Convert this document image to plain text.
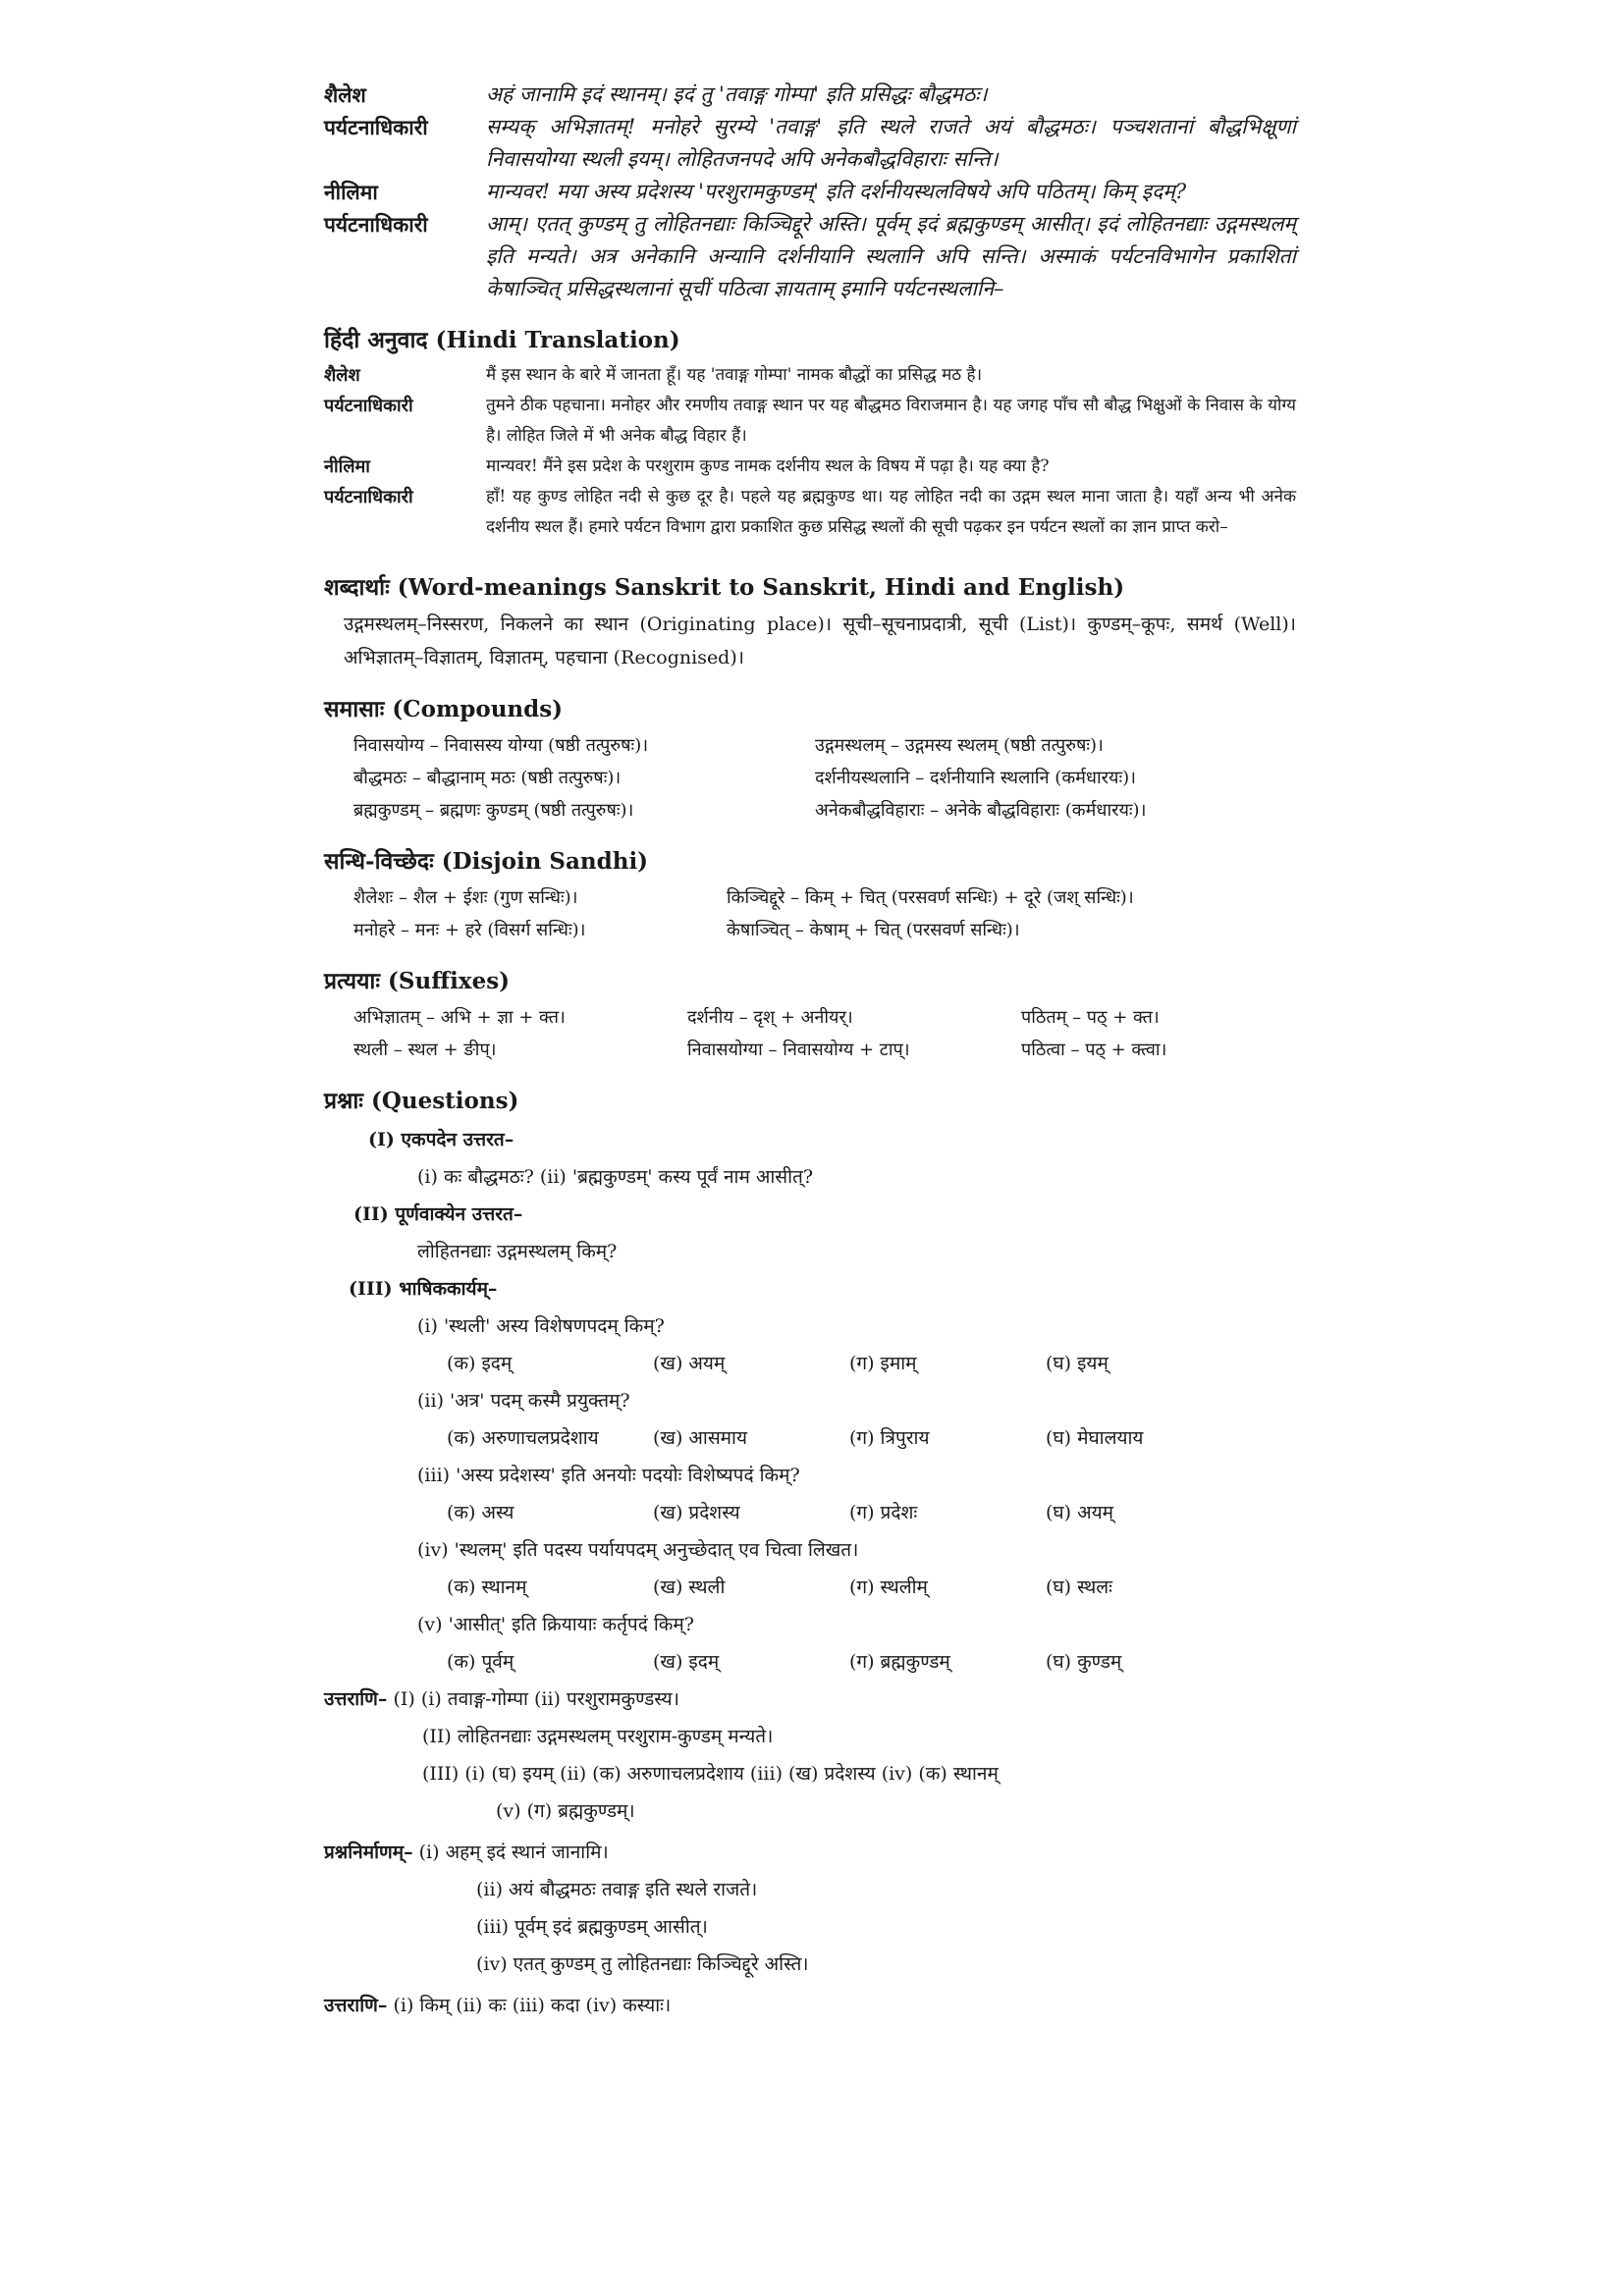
शैलेश	अहं जानामि इदं स्थानम्। इदं तु 'तवाङ्ग गोम्पा' इति प्रसिद्धः बौद्धमठः।
पर्यटनाधिकारी	सम्यक् अभिज्ञातम्! मनोहरे सुरम्ये 'तवाङ्ग' इति स्थले राजते अयं बौद्धमठः। पञ्चशतानां बौद्धभिक्षूणां निवासयोग्या स्थली इयम्। लोहितजनपदे अपि अनेकबौद्धविहाराः सन्ति।
नीलिमा	मान्यवर! मया अस्य प्रदेशस्य 'परशुरामकुण्डम्' इति दर्शनीयस्थलविषये अपि पठितम्। किम् इदम्?
पर्यटनाधिकारी	आम्। एतत् कुण्डम् तु लोहितनद्याः किञ्चिद्दूरे अस्ति। पूर्वम् इदं ब्रह्मकुण्डम् आसीत्। इदं लोहितनद्याः उद्गमस्थलम् इति मन्यते। अत्र अनेकानि अन्यानि दर्शनीयानि स्थलानि अपि सन्ति। अस्माकं पर्यटनविभागेन प्रकाशितां केषाञ्चित् प्रसिद्धस्थलानां सूचीं पठित्वा ज्ञायताम् इमानि पर्यटनस्थलानि–
हिंदी अनुवाद (Hindi Translation)
शैलेश	मैं इस स्थान के बारे में जानता हूँ। यह 'तवाङ्ग गोम्पा' नामक बौद्धों का प्रसिद्ध मठ है।
पर्यटनाधिकारी	तुमने ठीक पहचाना। मनोहर और रमणीय तवाङ्ग स्थान पर यह बौद्धमठ विराजमान है। यह जगह पाँच सौ बौद्ध भिक्षुओं के निवास के योग्य है। लोहित जिले में भी अनेक बौद्ध विहार हैं।
नीलिमा	मान्यवर! मैंने इस प्रदेश के परशुराम कुण्ड नामक दर्शनीय स्थल के विषय में पढ़ा है। यह क्या है?
पर्यटनाधिकारी	हाँ! यह कुण्ड लोहित नदी से कुछ दूर है। पहले यह ब्रह्मकुण्ड था। यह लोहित नदी का उद्गम स्थल माना जाता है। यहाँ अन्य भी अनेक दर्शनीय स्थल हैं। हमारे पर्यटन विभाग द्वारा प्रकाशित कुछ प्रसिद्ध स्थलों की सूची पढ़कर इन पर्यटन स्थलों का ज्ञान प्राप्त करो–
शब्दार्थाः (Word-meanings Sanskrit to Sanskrit, Hindi and English)
उद्गमस्थलम्–निस्सरण, निकलने का स्थान (Originating place)। सूची–सूचनाप्रदात्री, सूची (List)। कुण्डम्–कूपः, समर्थ (Well)। अभिज्ञातम्–विज्ञातम्, विज्ञातम्, पहचाना (Recognised)।
समासाः (Compounds)
निवासयोग्य – निवासस्य योग्या (षष्ठी तत्पुरुषः)।	उद्गमस्थलम् – उद्गमस्य स्थलम् (षष्ठी तत्पुरुषः)।
बौद्धमठः – बौद्धानाम् मठः (षष्ठी तत्पुरुषः)।	दर्शनीयस्थलानि – दर्शनीयानि स्थलानि (कर्मधारयः)।
ब्रह्मकुण्डम् – ब्रह्मणः कुण्डम् (षष्ठी तत्पुरुषः)।	अनेकबौद्धविहाराः – अनेके बौद्धविहाराः (कर्मधारयः)।
सन्धि-विच्छेदः (Disjoin Sandhi)
शैलेशः – शैल + ईशः (गुण सन्धिः)।	किञ्चिद्दूरे – किम् + चित् (परसवर्ण सन्धिः) + दूरे (जश् सन्धिः)।
मनोहरे – मनः + हरे (विसर्ग सन्धिः)।	केषाञ्चित् – केषाम् + चित् (परसवर्ण सन्धिः)।
प्रत्ययाः (Suffixes)
अभिज्ञातम् – अभि + ज्ञा + क्त।	दर्शनीय – दृश् + अनीयर्।	पठितम् – पठ् + क्त।
स्थली – स्थल + ङीप्।	निवासयोग्या – निवासयोग्य + टाप्।	पठित्वा – पठ् + क्त्वा।
प्रश्नाः (Questions)
(I) एकपदेन उत्तरत–
(i) कः बौद्धमठः? (ii) 'ब्रह्मकुण्डम्' कस्य पूर्वं नाम आसीत्?
(II) पूर्णवाक्येन उत्तरत–
लोहितनद्याः उद्गमस्थलम् किम्?
(III) भाषिककार्यम्–
(i) 'स्थली' अस्य विशेषणपदम् किम्?
(क) इदम्	(ख) अयम्	(ग) इमाम्	(घ) इयम्
(ii) 'अत्र' पदम् कस्मै प्रयुक्तम्?
(क) अरुणाचलप्रदेशाय	(ख) आसमाय	(ग) त्रिपुराय	(घ) मेघालयाय
(iii) 'अस्य प्रदेशस्य' इति अनयोः पदयोः विशेष्यपदं किम्?
(क) अस्य	(ख) प्रदेशस्य	(ग) प्रदेशः	(घ) अयम्
(iv) 'स्थलम्' इति पदस्य पर्यायपदम् अनुच्छेदात् एव चित्वा लिखत।
(क) स्थानम्	(ख) स्थली	(ग) स्थलीम्	(घ) स्थलः
(v) 'आसीत्' इति क्रियायाः कर्तृपदं किम्?
(क) पूर्वम्	(ख) इदम्	(ग) ब्रह्मकुण्डम्	(घ) कुण्डम्
उत्तराणि– (I) (i) तवाङ्ग-गोम्पा (ii) परशुरामकुण्डस्य।
(II) लोहितनद्याः उद्गमस्थलम् परशुराम-कुण्डम् मन्यते।
(III) (i) (घ) इयम् (ii) (क) अरुणाचलप्रदेशाय (iii) (ख) प्रदेशस्य (iv) (क) स्थानम्
(v) (ग) ब्रह्मकुण्डम्।
प्रश्ननिर्माणम्– (i) अहम् इदं स्थानं जानामि।
(ii) अयं बौद्धमठः तवाङ्ग इति स्थले राजते।
(iii) पूर्वम् इदं ब्रह्मकुण्डम् आसीत्।
(iv) एतत् कुण्डम् तु लोहितनद्याः किञ्चिद्दूरे अस्ति।
उत्तराणि– (i) किम् (ii) कः (iii) कदा (iv) कस्याः।
